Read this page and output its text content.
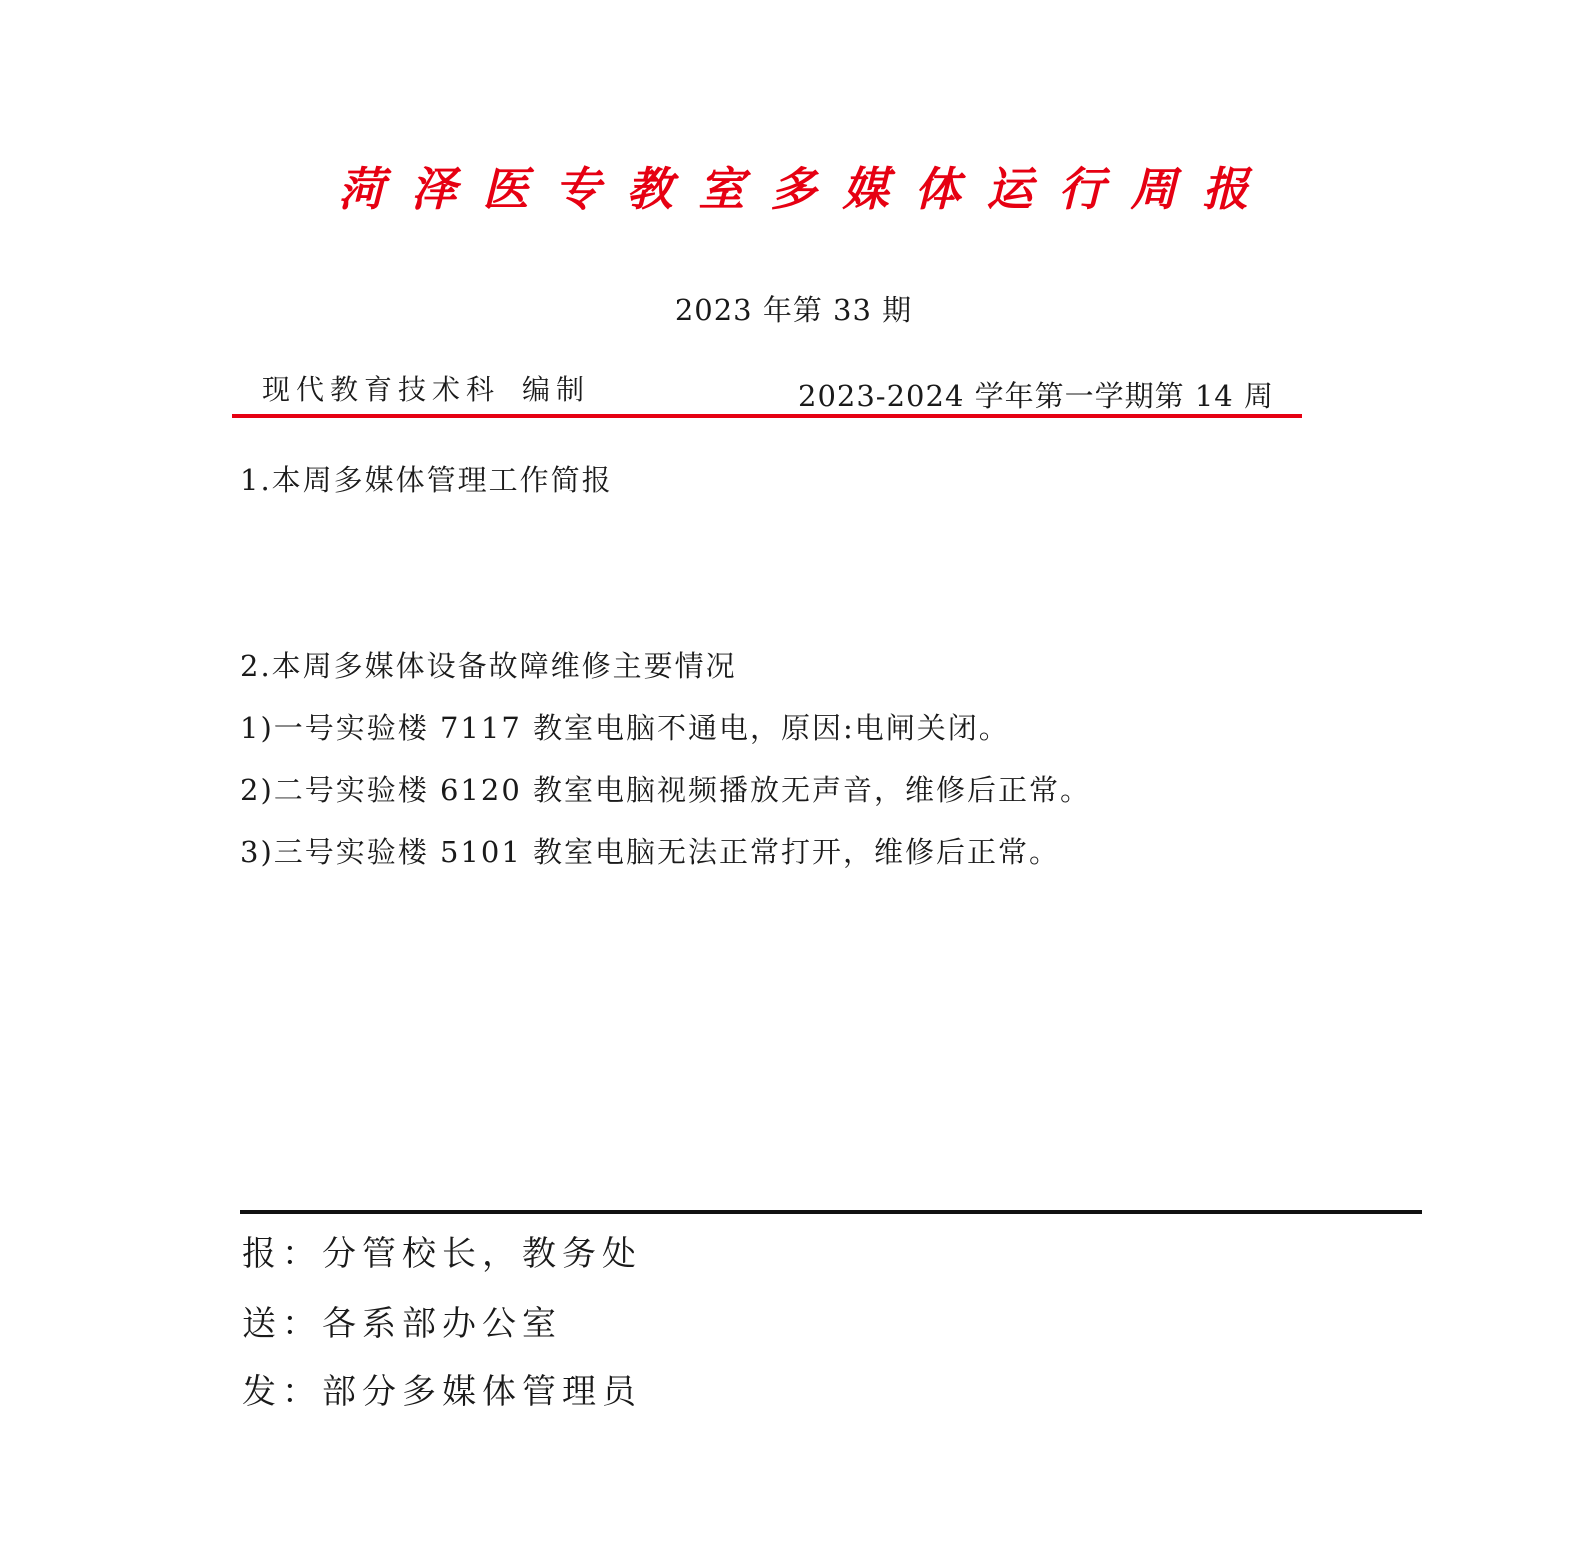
菏 泽 医 专 教 室 多 媒 体 运 行 周 报
2023 年第 33 期
现代教育技术科 编制	2023-2024 学年第一学期第 14 周
1.本周多媒体管理工作简报
2.本周多媒体设备故障维修主要情况
1)一号实验楼 7117 教室电脑不通电，原因:电闸关闭。
2)二号实验楼 6120 教室电脑视频播放无声音，维修后正常。
3)三号实验楼 5101 教室电脑无法正常打开，维修后正常。
报：分管校长，教务处
送：各系部办公室
发：部分多媒体管理员
